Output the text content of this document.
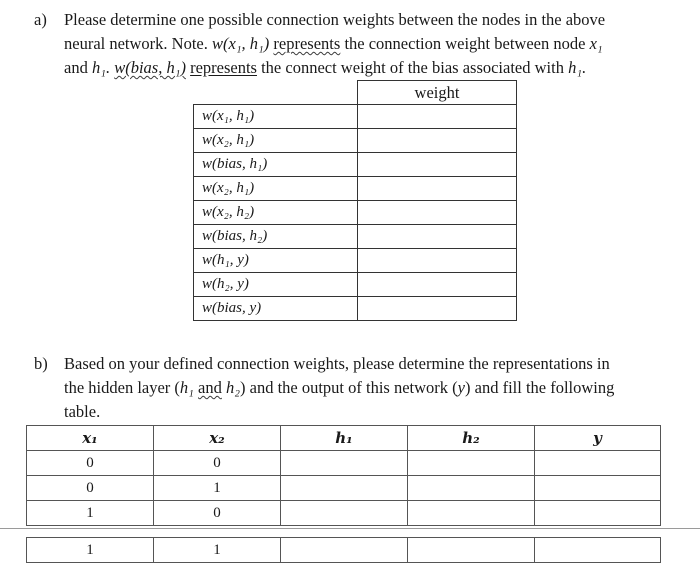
a) Please determine one possible connection weights between the nodes in the above
neural network. Note. w(x₁, h₁) represents the connection weight between node x₁
and h₁. w(bias, h₁) represents the connect weight of the bias associated with h₁.
	weight
w(x₁, h₁)	
w(x₂, h₁)	
w(bias, h₁)	
w(x₂, h₁)	
w(x₂, h₂)	
w(bias, h₂)	
w(h₁, y)	
w(h₂, y)	
w(bias, y)	
b) Based on your defined connection weights, please determine the representations in
the hidden layer (h₁ and h₂) and the output of this network (y) and fill the following
table.
x₁	x₂	h₁	h₂	y
0	0			
0	1			
1	0			
1	1			
